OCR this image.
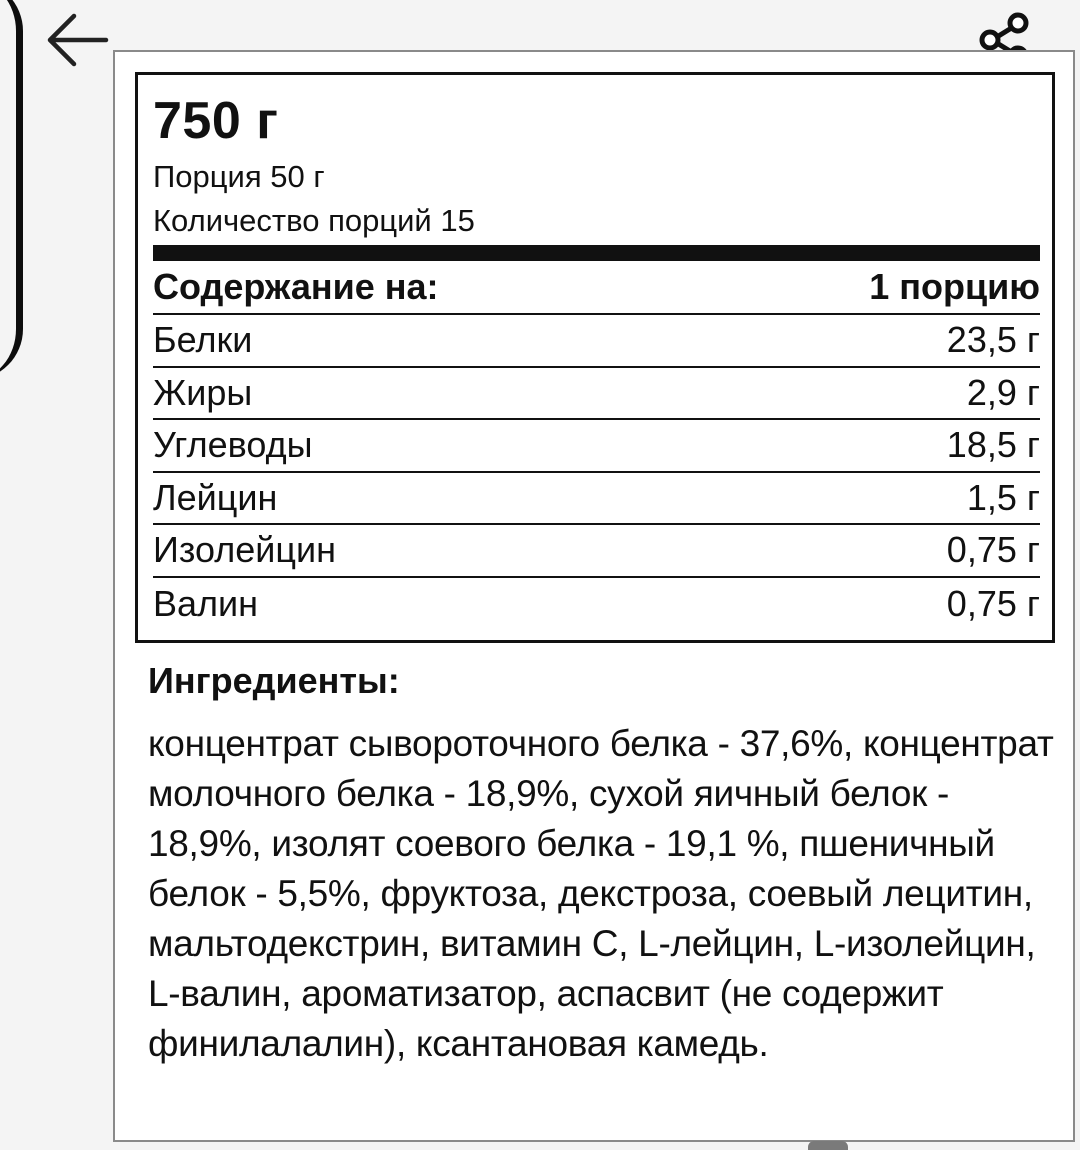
750 г
Порция 50 г
Количество порций 15
Содержание на:	1 порцию
Белки	23,5 г
Жиры	2,9 г
Углеводы	18,5 г
Лейцин	1,5 г
Изолейцин	0,75 г
Валин	0,75 г
Ингредиенты:
концентрат сывороточного белка - 37,6%, концентрат молочного белка - 18,9%, сухой яичный белок - 18,9%, изолят соевого белка - 19,1 %, пшеничный белок - 5,5%, фруктоза, декстроза, соевый лецитин, мальтодекстрин, витамин С, L-лейцин, L-изолейцин, L-валин, ароматизатор, аспасвит (не содержит финилалалин), ксантановая камедь.
